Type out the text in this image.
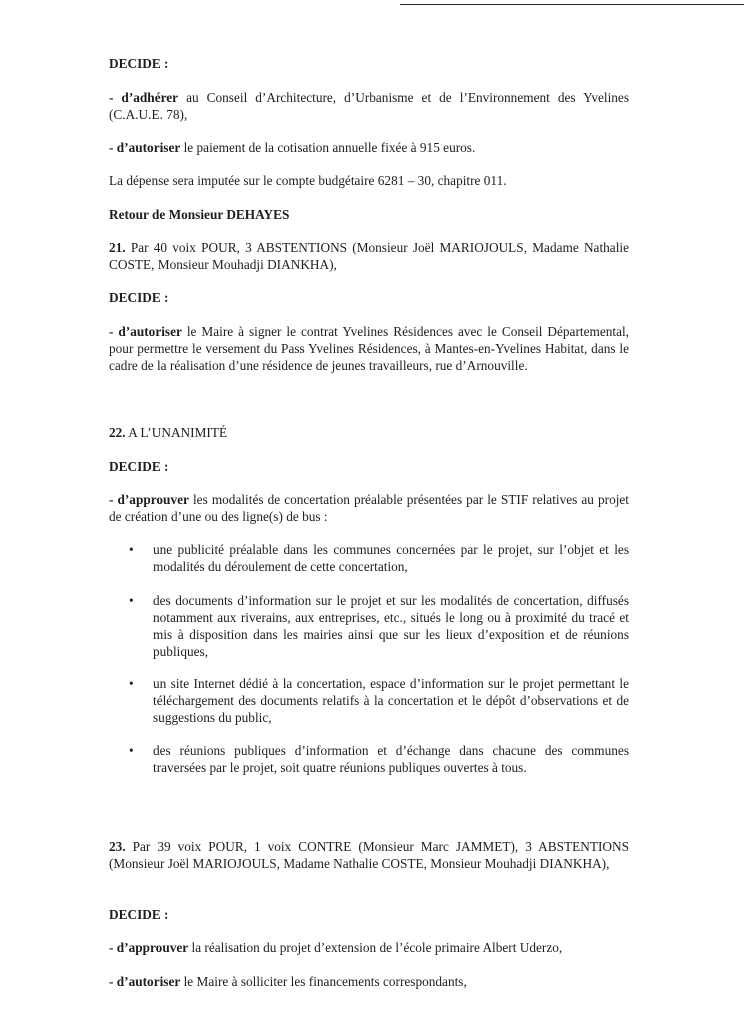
DECIDE :

- d’adhérer au Conseil d’Architecture, d’Urbanisme et de l’Environnement des Yvelines (C.A.U.E. 78),

- d’autoriser le paiement de la cotisation annuelle fixée à 915 euros.

La dépense sera imputée sur le compte budgétaire 6281 – 30, chapitre 011.

Retour de Monsieur DEHAYES

21. Par 40 voix POUR, 3 ABSTENTIONS (Monsieur Joël MARIOJOULS, Madame Nathalie COSTE, Monsieur Mouhadji DIANKHA),

DECIDE :

- d’autoriser le Maire à signer le contrat Yvelines Résidences avec le Conseil Départemental, pour permettre le versement du Pass Yvelines Résidences, à Mantes-en-Yvelines Habitat, dans le cadre de la réalisation d’une résidence de jeunes travailleurs, rue d’Arnouville.

22. A L’UNANIMITÉ

DECIDE :

- d’approuver les modalités de concertation préalable présentées par le STIF relatives au projet de création d’une ou des ligne(s) de bus :

• une publicité préalable dans les communes concernées par le projet, sur l’objet et les modalités du déroulement de cette concertation,

• des documents d’information sur le projet et sur les modalités de concertation, diffusés notamment aux riverains, aux entreprises, etc., situés le long ou à proximité du tracé et mis à disposition dans les mairies ainsi que sur les lieux d’exposition et de réunions publiques,

• un site Internet dédié à la concertation, espace d’information sur le projet permettant le téléchargement des documents relatifs à la concertation et le dépôt d’observations et de suggestions du public,

• des réunions publiques d’information et d’échange dans chacune des communes traversées par le projet, soit quatre réunions publiques ouvertes à tous.

23. Par 39 voix POUR, 1 voix CONTRE (Monsieur Marc JAMMET), 3 ABSTENTIONS (Monsieur Joël MARIOJOULS, Madame Nathalie COSTE, Monsieur Mouhadji DIANKHA),

DECIDE :

- d’approuver la réalisation du projet d’extension de l’école primaire Albert Uderzo,

- d’autoriser le Maire à solliciter les financements correspondants,
